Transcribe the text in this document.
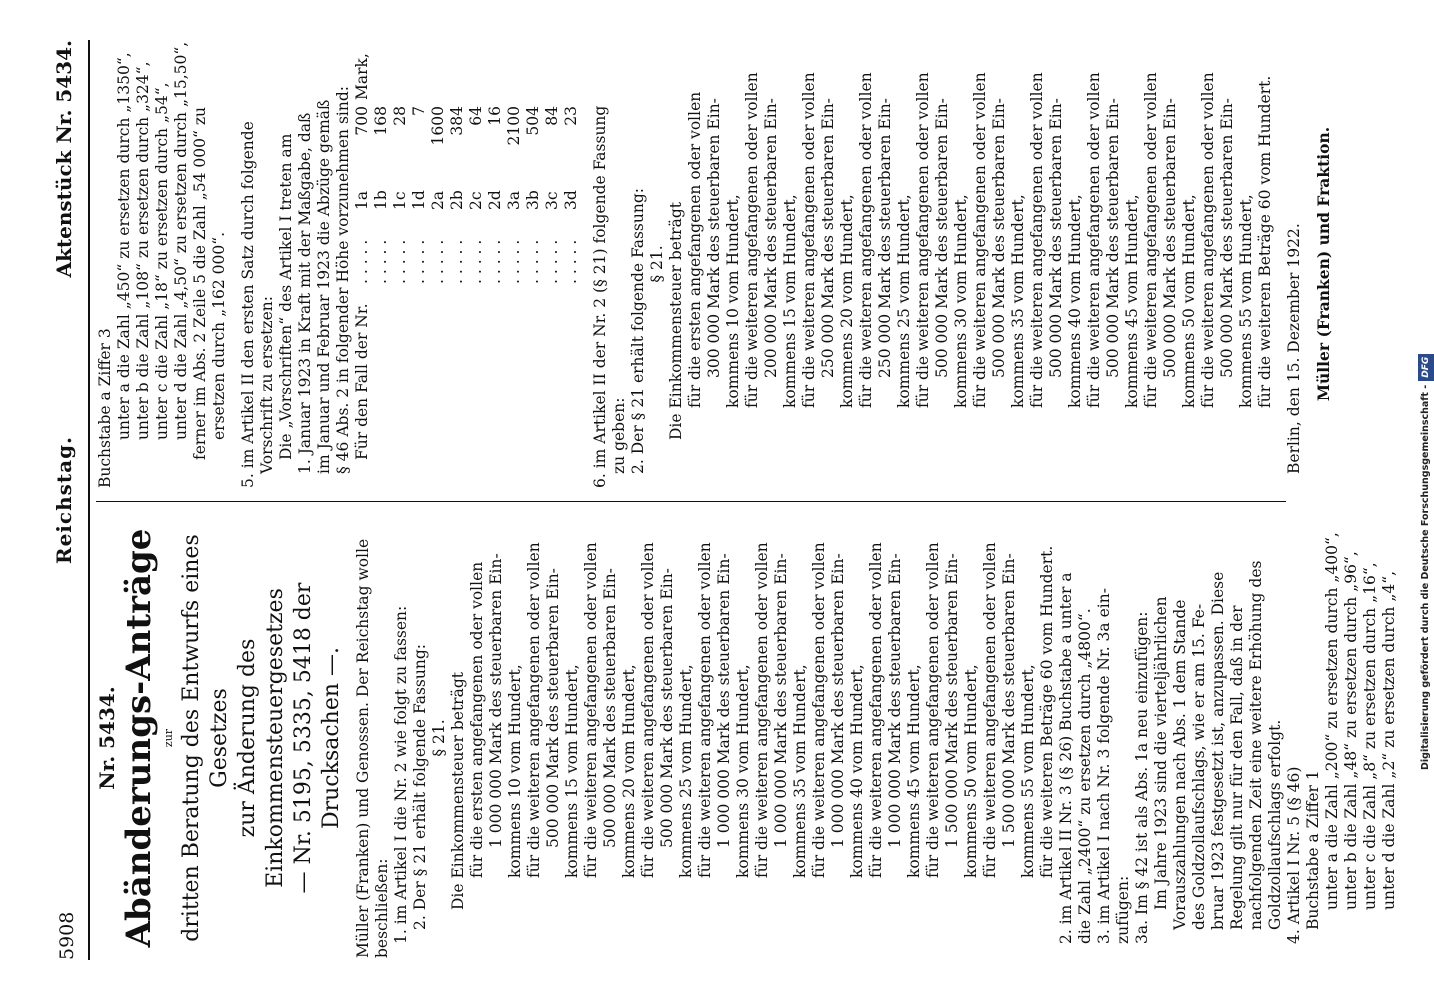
5908
Reichstag.
Aktenstück Nr. 5434.
Nr. 5434. Abänderungs-Anträge zur dritten Beratung des Entwurfs eines Gesetzes zur Änderung des Einkommensteuergesetzes — Nr. 5195, 5335, 5418 der Drucksachen —. Müller (Franken) und Genossen. Der Reichstag wolle beschließen: 1. im Artikel I die Nr. 2 wie folgt zu fassen: 2. Der § 21 erhält folgende Fassung: § 21. Die Einkommensteuer beträgt für die ersten angefangenen oder vollen 1 000 000 Mark des steuerbaren Ein- kommens 10 vom Hundert, für die weiteren angefangenen oder vollen 500 000 Mark des steuerbaren Ein- kommens 15 vom Hundert, für die weiteren angefangenen oder vollen 500 000 Mark des steuerbaren Ein- kommens 20 vom Hundert, für die weiteren angefangenen oder vollen 500 000 Mark des steuerbaren Ein- kommens 25 vom Hundert, für die weiteren angefangenen oder vollen 1 000 000 Mark des steuerbaren Ein- kommens 30 vom Hundert, für die weiteren angefangenen oder vollen 1 000 000 Mark des steuerbaren Ein- kommens 35 vom Hundert, für die weiteren angefangenen oder vollen 1 000 000 Mark des steuerbaren Ein- kommens 40 vom Hundert, für die weiteren angefangenen oder vollen 1 000 000 Mark des steuerbaren Ein- kommens 45 vom Hundert, für die weiteren angefangenen oder vollen 1 500 000 Mark des steuerbaren Ein- kommens 50 vom Hundert, für die weiteren angefangenen oder vollen 1 500 000 Mark des steuerbaren Ein- kommens 55 vom Hundert, für die weiteren Beträge 60 vom Hundert. 2. im Artikel II Nr. 3 (§ 26) Buchstabe a unter a die Zahl „2400“ zu ersetzen durch „4800“. 3. im Artikel I nach Nr. 3 folgende Nr. 3a ein- zufügen: 3a. Im § 42 ist als Abs. 1a neu einzufügen: Im Jahre 1923 sind die vierteljährlichen Vorauszahlungen nach Abs. 1 dem Stande des Goldzollaufschlags, wie er am 15. Fe- bruar 1923 festgesetzt ist, anzupassen. Diese Regelung gilt nur für den Fall, daß in der nachfolgenden Zeit eine weitere Erhöhung des Goldzollaufschlags erfolgt. 4. Artikel I Nr. 5 (§ 46) Buchstabe a Ziffer 1 unter a die Zahl „200“ zu ersetzen durch „400“, unter b die Zahl „48“ zu ersetzen durch „96“, unter c die Zahl „8“ zu ersetzen durch „16“, unter d die Zahl „2“ zu ersetzen durch „4“,
Buchstabe a Ziffer 3 unter a die Zahl „450“ zu ersetzen durch „1350“, unter b die Zahl „108“ zu ersetzen durch „324“, unter c die Zahl „18“ zu ersetzen durch „54“, unter d die Zahl „4,50“ zu ersetzen durch „15,50“, ferner im Abs. 2 Zeile 5 die Zahl „54 000“ zu ersetzen durch „162 000“. 5. im Artikel II den ersten Satz durch folgende Vorschrift zu ersetzen: Die „Vorschriften“ des Artikel I treten am 1. Januar 1923 in Kraft mit der Maßgabe, daß im Januar und Februar 1923 die Abzüge gemäß § 46 Abs. 2 in folgender Höhe vorzunehmen sind: Für den Fall der Nr.
. . . . .
1a
700
Mark,
. . . . .
1b
168
. . . . .
1c
28
. . . . .
1d
7
. . . . .
2a
1600
. . . . .
2b
384
. . . . .
2c
64
. . . . .
2d
16
. . . . .
3a
2100
. . . . .
3b
504
. . . . .
3c
84
. . . . .
3d
23 6. im Artikel II der Nr. 2 (§ 21) folgende Fassung zu geben: 2. Der § 21 erhält folgende Fassung: § 21. Die Einkommensteuer beträgt für die ersten angefangenen oder vollen 300 000 Mark des steuerbaren Ein- kommens 10 vom Hundert, für die weiteren angefangenen oder vollen 200 000 Mark des steuerbaren Ein- kommens 15 vom Hundert, für die weiteren angefangenen oder vollen 250 000 Mark des steuerbaren Ein- kommens 20 vom Hundert, für die weiteren angefangenen oder vollen 250 000 Mark des steuerbaren Ein- kommens 25 vom Hundert, für die weiteren angefangenen oder vollen 500 000 Mark des steuerbaren Ein- kommens 30 vom Hundert, für die weiteren angefangenen oder vollen 500 000 Mark des steuerbaren Ein- kommens 35 vom Hundert, für die weiteren angefangenen oder vollen 500 000 Mark des steuerbaren Ein- kommens 40 vom Hundert, für die weiteren angefangenen oder vollen 500 000 Mark des steuerbaren Ein- kommens 45 vom Hundert, für die weiteren angefangenen oder vollen 500 000 Mark des steuerbaren Ein- kommens 50 vom Hundert, für die weiteren angefangenen oder vollen 500 000 Mark des steuerbaren Ein- kommens 55 vom Hundert, für die weiteren Beträge 60 vom Hundert. Berlin, den 15. Dezember 1922. Müller (Franken) und Fraktion.
Digitalisierung gefördert durch die Deutsche Forschungsgemeinschaft -DFG
